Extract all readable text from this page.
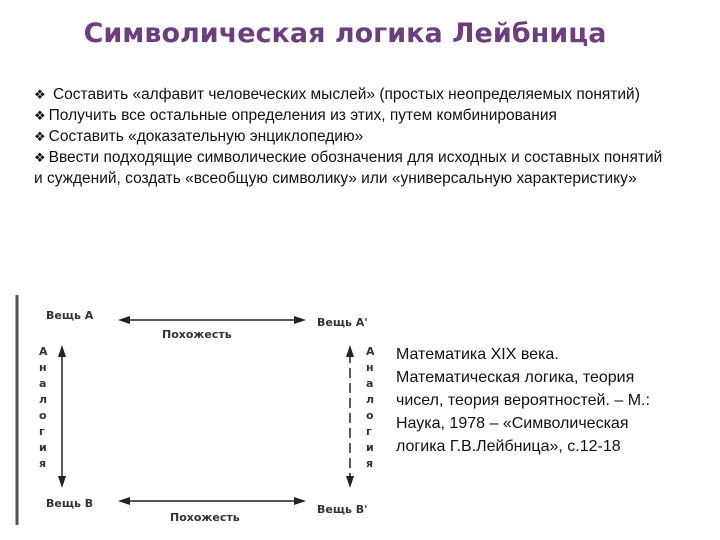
Символическая логика Лейбница

❖ Составить «алфавит человеческих мыслей» (простых неопределяемых понятий)

❖ Получить все остальные определения из этих, путем комбинирования

❖ Составить «доказательную энциклопедию»

❖ Ввести подходящие символические обозначения для исходных и составных понятий и суждений, создать «всеобщую символику» или «универсальную характеристику»

Вещь A
Вещь A'
Вещь B	Вещь B'
Похожесть
Похожесть
А н а л о г и я
А н а л о г и я
Математика XIX века.
Математическая логика, теория
чисел, теория вероятностей. – М.:
Наука, 1978 – «Символическая
логика Г.В.Лейбница», с.12-18
